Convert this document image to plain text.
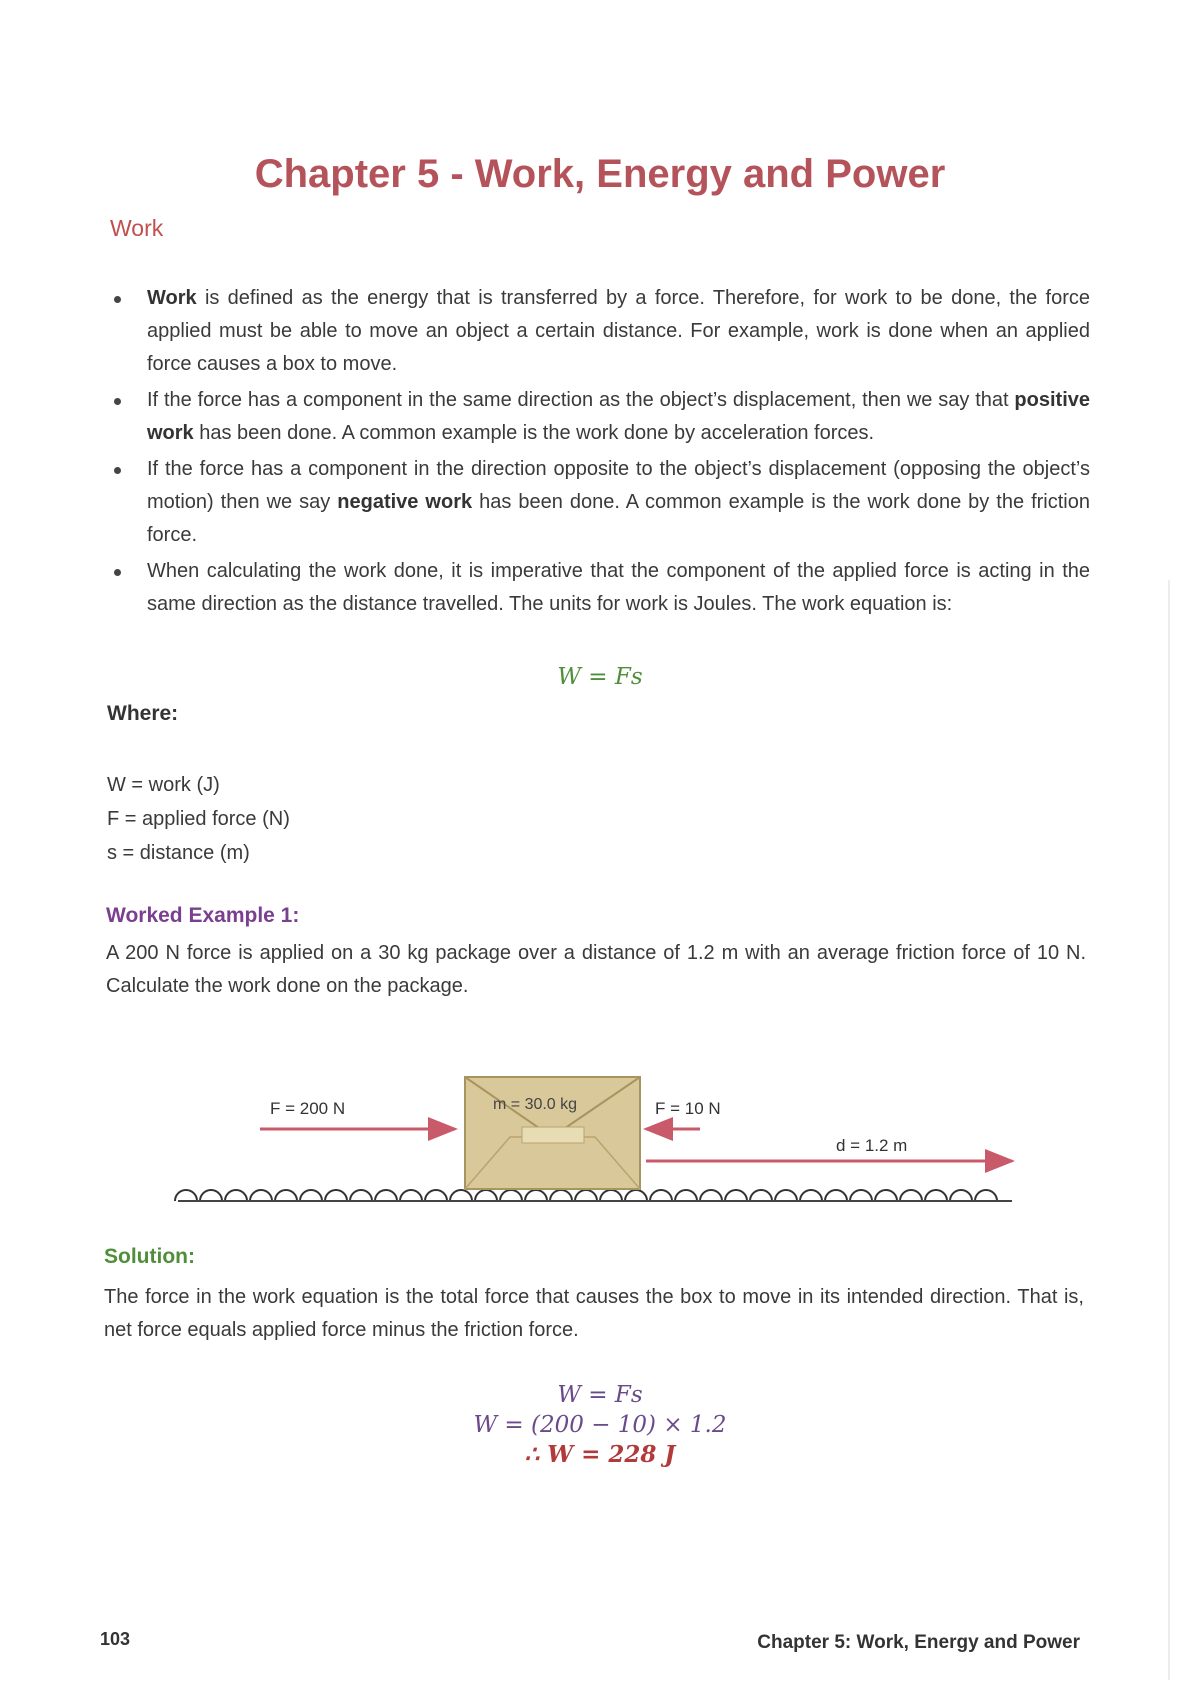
Chapter 5 - Work, Energy and Power
Work
Work is defined as the energy that is transferred by a force. Therefore, for work to be done, the force applied must be able to move an object a certain distance. For example, work is done when an applied force causes a box to move.
If the force has a component in the same direction as the object’s displacement, then we say that positive work has been done. A common example is the work done by acceleration forces.
If the force has a component in the direction opposite to the object’s displacement (opposing the object’s motion) then we say negative work has been done. A common example is the work done by the friction force.
When calculating the work done, it is imperative that the component of the applied force is acting in the same direction as the distance travelled. The units for work is Joules. The work equation is:
W = Fs
Where:
W = work (J)
F = applied force (N)
s = distance (m)
Worked Example 1:
A 200 N force is applied on a 30 kg package over a distance of 1.2 m with an average friction force of 10 N. Calculate the work done on the package.
F = 200 N	m = 30.0 kg	F = 10 N
d = 1.2 m
Solution:
The force in the work equation is the total force that causes the box to move in its intended direction. That is, net force equals applied force minus the friction force.
W = Fs
W = (200 − 10) × 1.2
∴ W = 228 J
103	Chapter 5: Work, Energy and Power
